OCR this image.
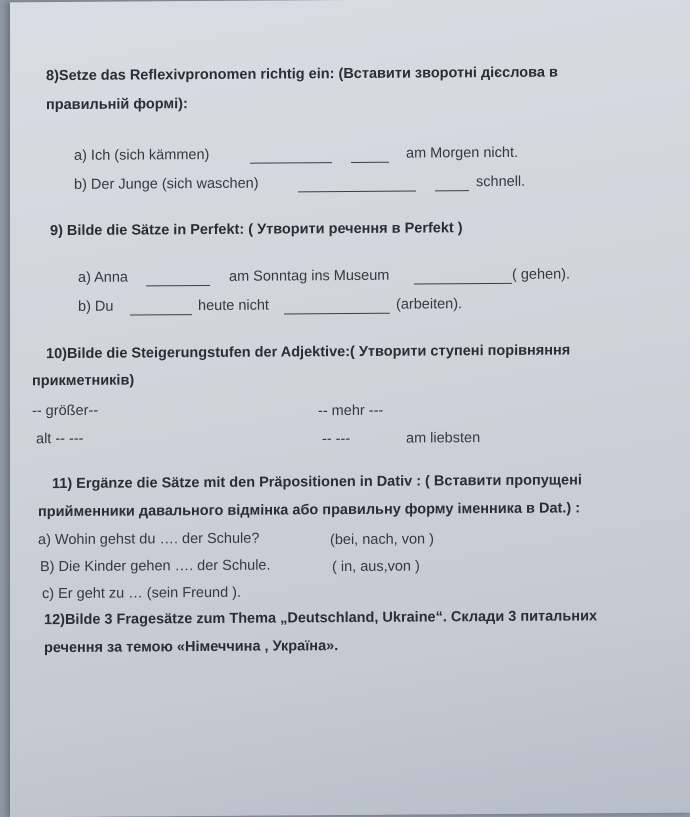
8)Setze das Reflexivpronomen richtig ein: (Вставити зворотні дієслова в
правильній формі):
a) Ich (sich kämmen)	am Morgen nicht.
b) Der Junge (sich waschen)	schnell.
9) Bilde die Sätze in Perfekt: ( Утворити речення в Perfekt )
a) Anna	am Sonntag ins Museum	( gehen).
b) Du	heute nicht	(arbeiten).
10)Bilde die Steigerungstufen der Adjektive:( Утворити ступені порівняння
прикметників)
-- größer--	-- mehr ---
alt -- ---	-- ---	am liebsten
11) Ergänze die Sätze mit den Präpositionen in Dativ : ( Вставити пропущені
прийменники давального відмінка або правильну форму іменника в Dat.) :
a) Wohin gehst du …. der Schule?	(bei, nach, von )
B) Die Kinder gehen …. der Schule.	( in, aus,von )
c) Er geht zu … (sein Freund ).
12)Bilde 3 Fragesätze zum Thema „Deutschland, Ukraine“. Склади 3 питальних
речення за темою «Німеччина , Україна».
